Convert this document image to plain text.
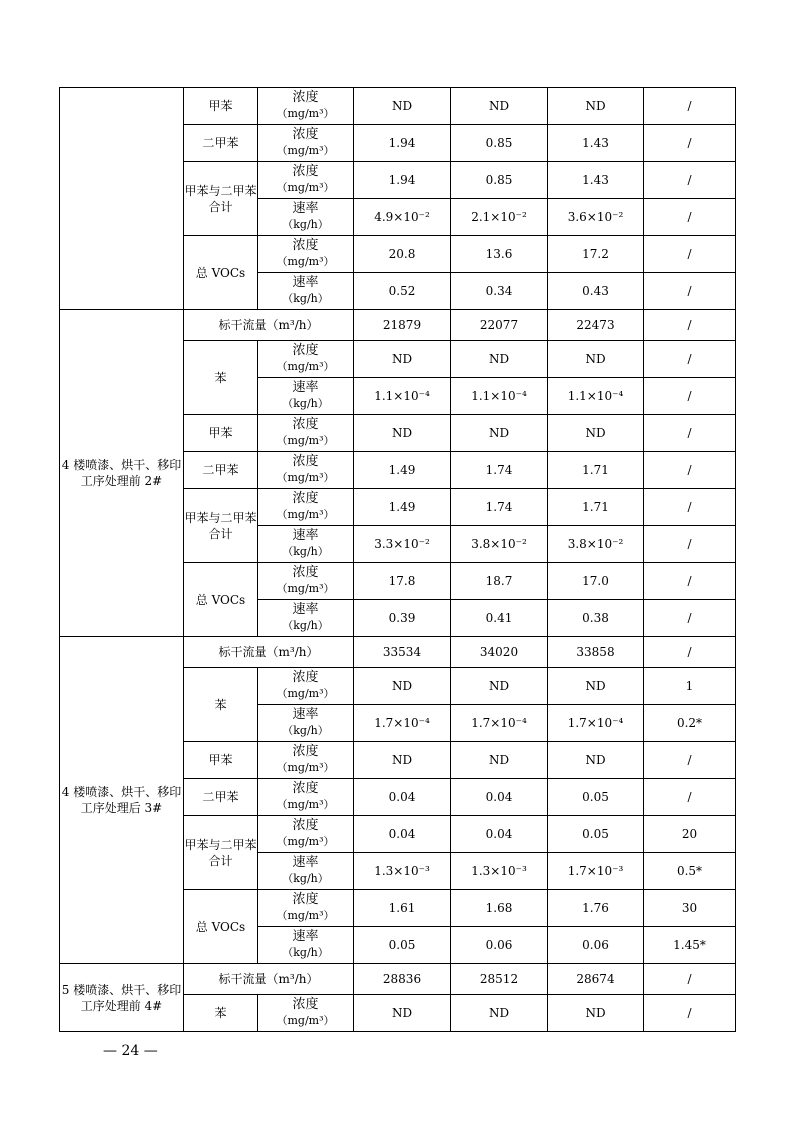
	甲苯	浓度
（mg/m³）	ND	ND	ND	/
	二甲苯	浓度
（mg/m³）	1.94	0.85	1.43	/
	甲苯与二甲苯合计	浓度
（mg/m³）	1.94	0.85	1.43	/

		速率
（kg/h）	4.9×10⁻²	2.1×10⁻²	3.6×10⁻²	/
	总 VOCs	浓度
（mg/m³）	20.8	13.6	17.2	/

		速率
（kg/h）	0.52	0.34	0.43	/
4 楼喷漆、烘干、移印工序处理前 2#	标干流量（m³/h）		21879	22077	22473	/
	苯	浓度
（mg/m³）	ND	ND	ND	/

		速率
（kg/h）	1.1×10⁻⁴	1.1×10⁻⁴	1.1×10⁻⁴	/
	甲苯	浓度
（mg/m³）	ND	ND	ND	/
	二甲苯	浓度
（mg/m³）	1.49	1.74	1.71	/
	甲苯与二甲苯合计	浓度
（mg/m³）	1.49	1.74	1.71	/

		速率
（kg/h）	3.3×10⁻²	3.8×10⁻²	3.8×10⁻²	/
	总 VOCs	浓度
（mg/m³）	17.8	18.7	17.0	/

		速率
（kg/h）	0.39	0.41	0.38	/
4 楼喷漆、烘干、移印工序处理后 3#	标干流量（m³/h）		33534	34020	33858	/
	苯	浓度
（mg/m³）	ND	ND	ND	1

		速率
（kg/h）	1.7×10⁻⁴	1.7×10⁻⁴	1.7×10⁻⁴	0.2*
	甲苯	浓度
（mg/m³）	ND	ND	ND	/
	二甲苯	浓度
（mg/m³）	0.04	0.04	0.05	/
	甲苯与二甲苯合计	浓度
（mg/m³）	0.04	0.04	0.05	20

		速率
（kg/h）	1.3×10⁻³	1.3×10⁻³	1.7×10⁻³	0.5*
	总 VOCs	浓度
（mg/m³）	1.61	1.68	1.76	30

		速率
（kg/h）	0.05	0.06	0.06	1.45*
5 楼喷漆、烘干、移印工序处理前 4#	标干流量（m³/h）		28836	28512	28674	/
	苯	浓度
（mg/m³）	ND	ND	ND	/
— 24 —
